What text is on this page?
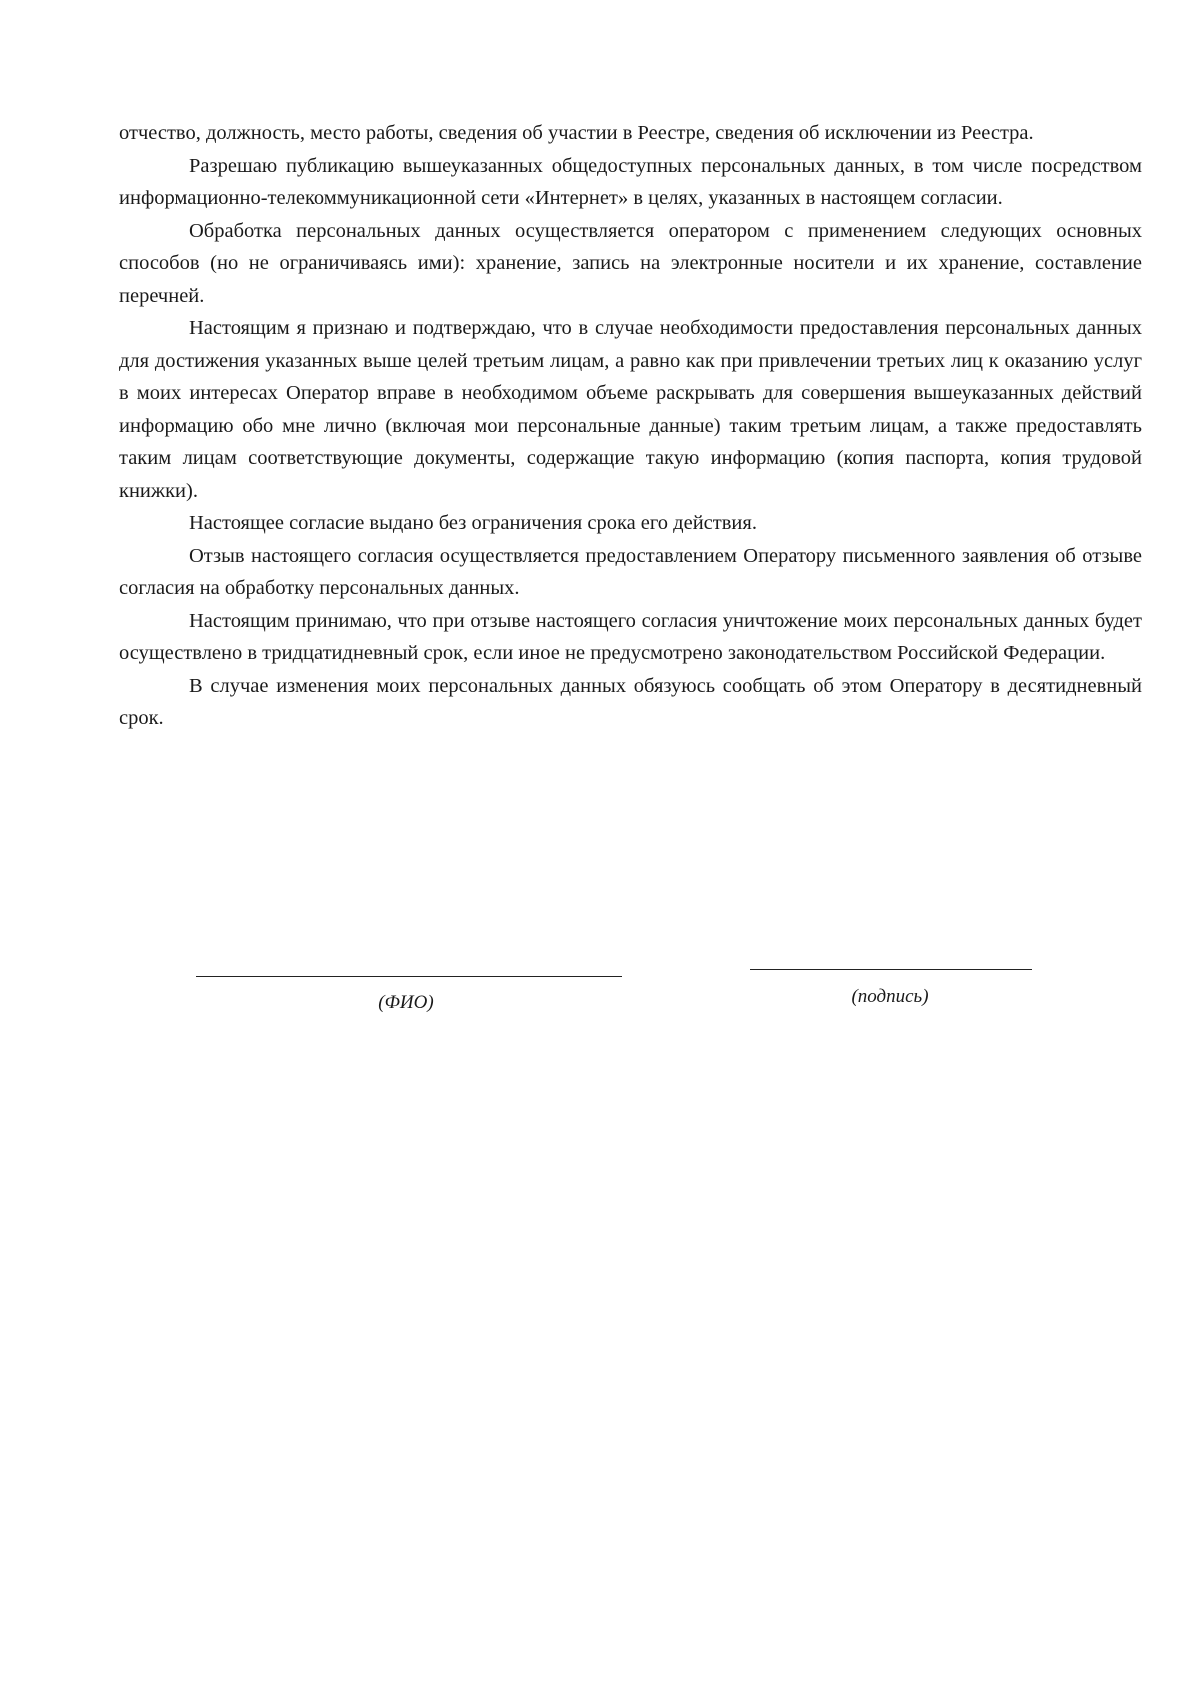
отчество, должность, место работы, сведения об участии в Реестре, сведения об исключении из Реестра.

Разрешаю публикацию вышеуказанных общедоступных персональных данных, в том числе посредством информационно-телекоммуникационной сети «Интернет» в целях, указанных в настоящем согласии.

Обработка персональных данных осуществляется оператором с применением следующих основных способов (но не ограничиваясь ими): хранение, запись на электронные носители и их хранение, составление перечней.

Настоящим я признаю и подтверждаю, что в случае необходимости предоставления персональных данных для достижения указанных выше целей третьим лицам, а равно как при привлечении третьих лиц к оказанию услуг в моих интересах Оператор вправе в необходимом объеме раскрывать для совершения вышеуказанных действий информацию обо мне лично (включая мои персональные данные) таким третьим лицам, а также предоставлять таким лицам соответствующие документы, содержащие такую информацию (копия паспорта, копия трудовой книжки).

Настоящее согласие выдано без ограничения срока его действия.

Отзыв настоящего согласия осуществляется предоставлением Оператору письменного заявления об отзыве согласия на обработку персональных данных.

Настоящим принимаю, что при отзыве настоящего согласия уничтожение моих персональных данных будет осуществлено в тридцатидневный срок, если иное не предусмотрено законодательством Российской Федерации.

В случае изменения моих персональных данных обязуюсь сообщать об этом Оператору в десятидневный срок.

(ФИО)	(подпись)
